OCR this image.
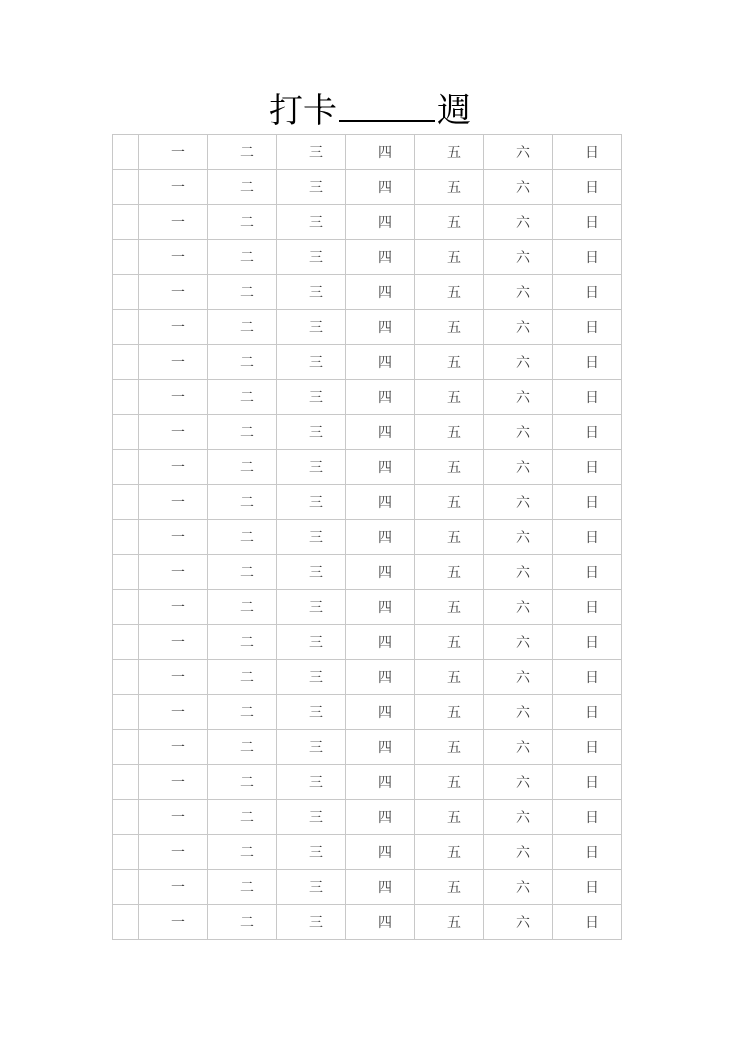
打卡	週
	一	二	三	四	五	六	日
	一	二	三	四	五	六	日
	一	二	三	四	五	六	日
	一	二	三	四	五	六	日
	一	二	三	四	五	六	日
	一	二	三	四	五	六	日
	一	二	三	四	五	六	日
	一	二	三	四	五	六	日
	一	二	三	四	五	六	日
	一	二	三	四	五	六	日
	一	二	三	四	五	六	日
	一	二	三	四	五	六	日
	一	二	三	四	五	六	日
	一	二	三	四	五	六	日
	一	二	三	四	五	六	日
	一	二	三	四	五	六	日
	一	二	三	四	五	六	日
	一	二	三	四	五	六	日
	一	二	三	四	五	六	日
	一	二	三	四	五	六	日
	一	二	三	四	五	六	日
	一	二	三	四	五	六	日
	一	二	三	四	五	六	日
